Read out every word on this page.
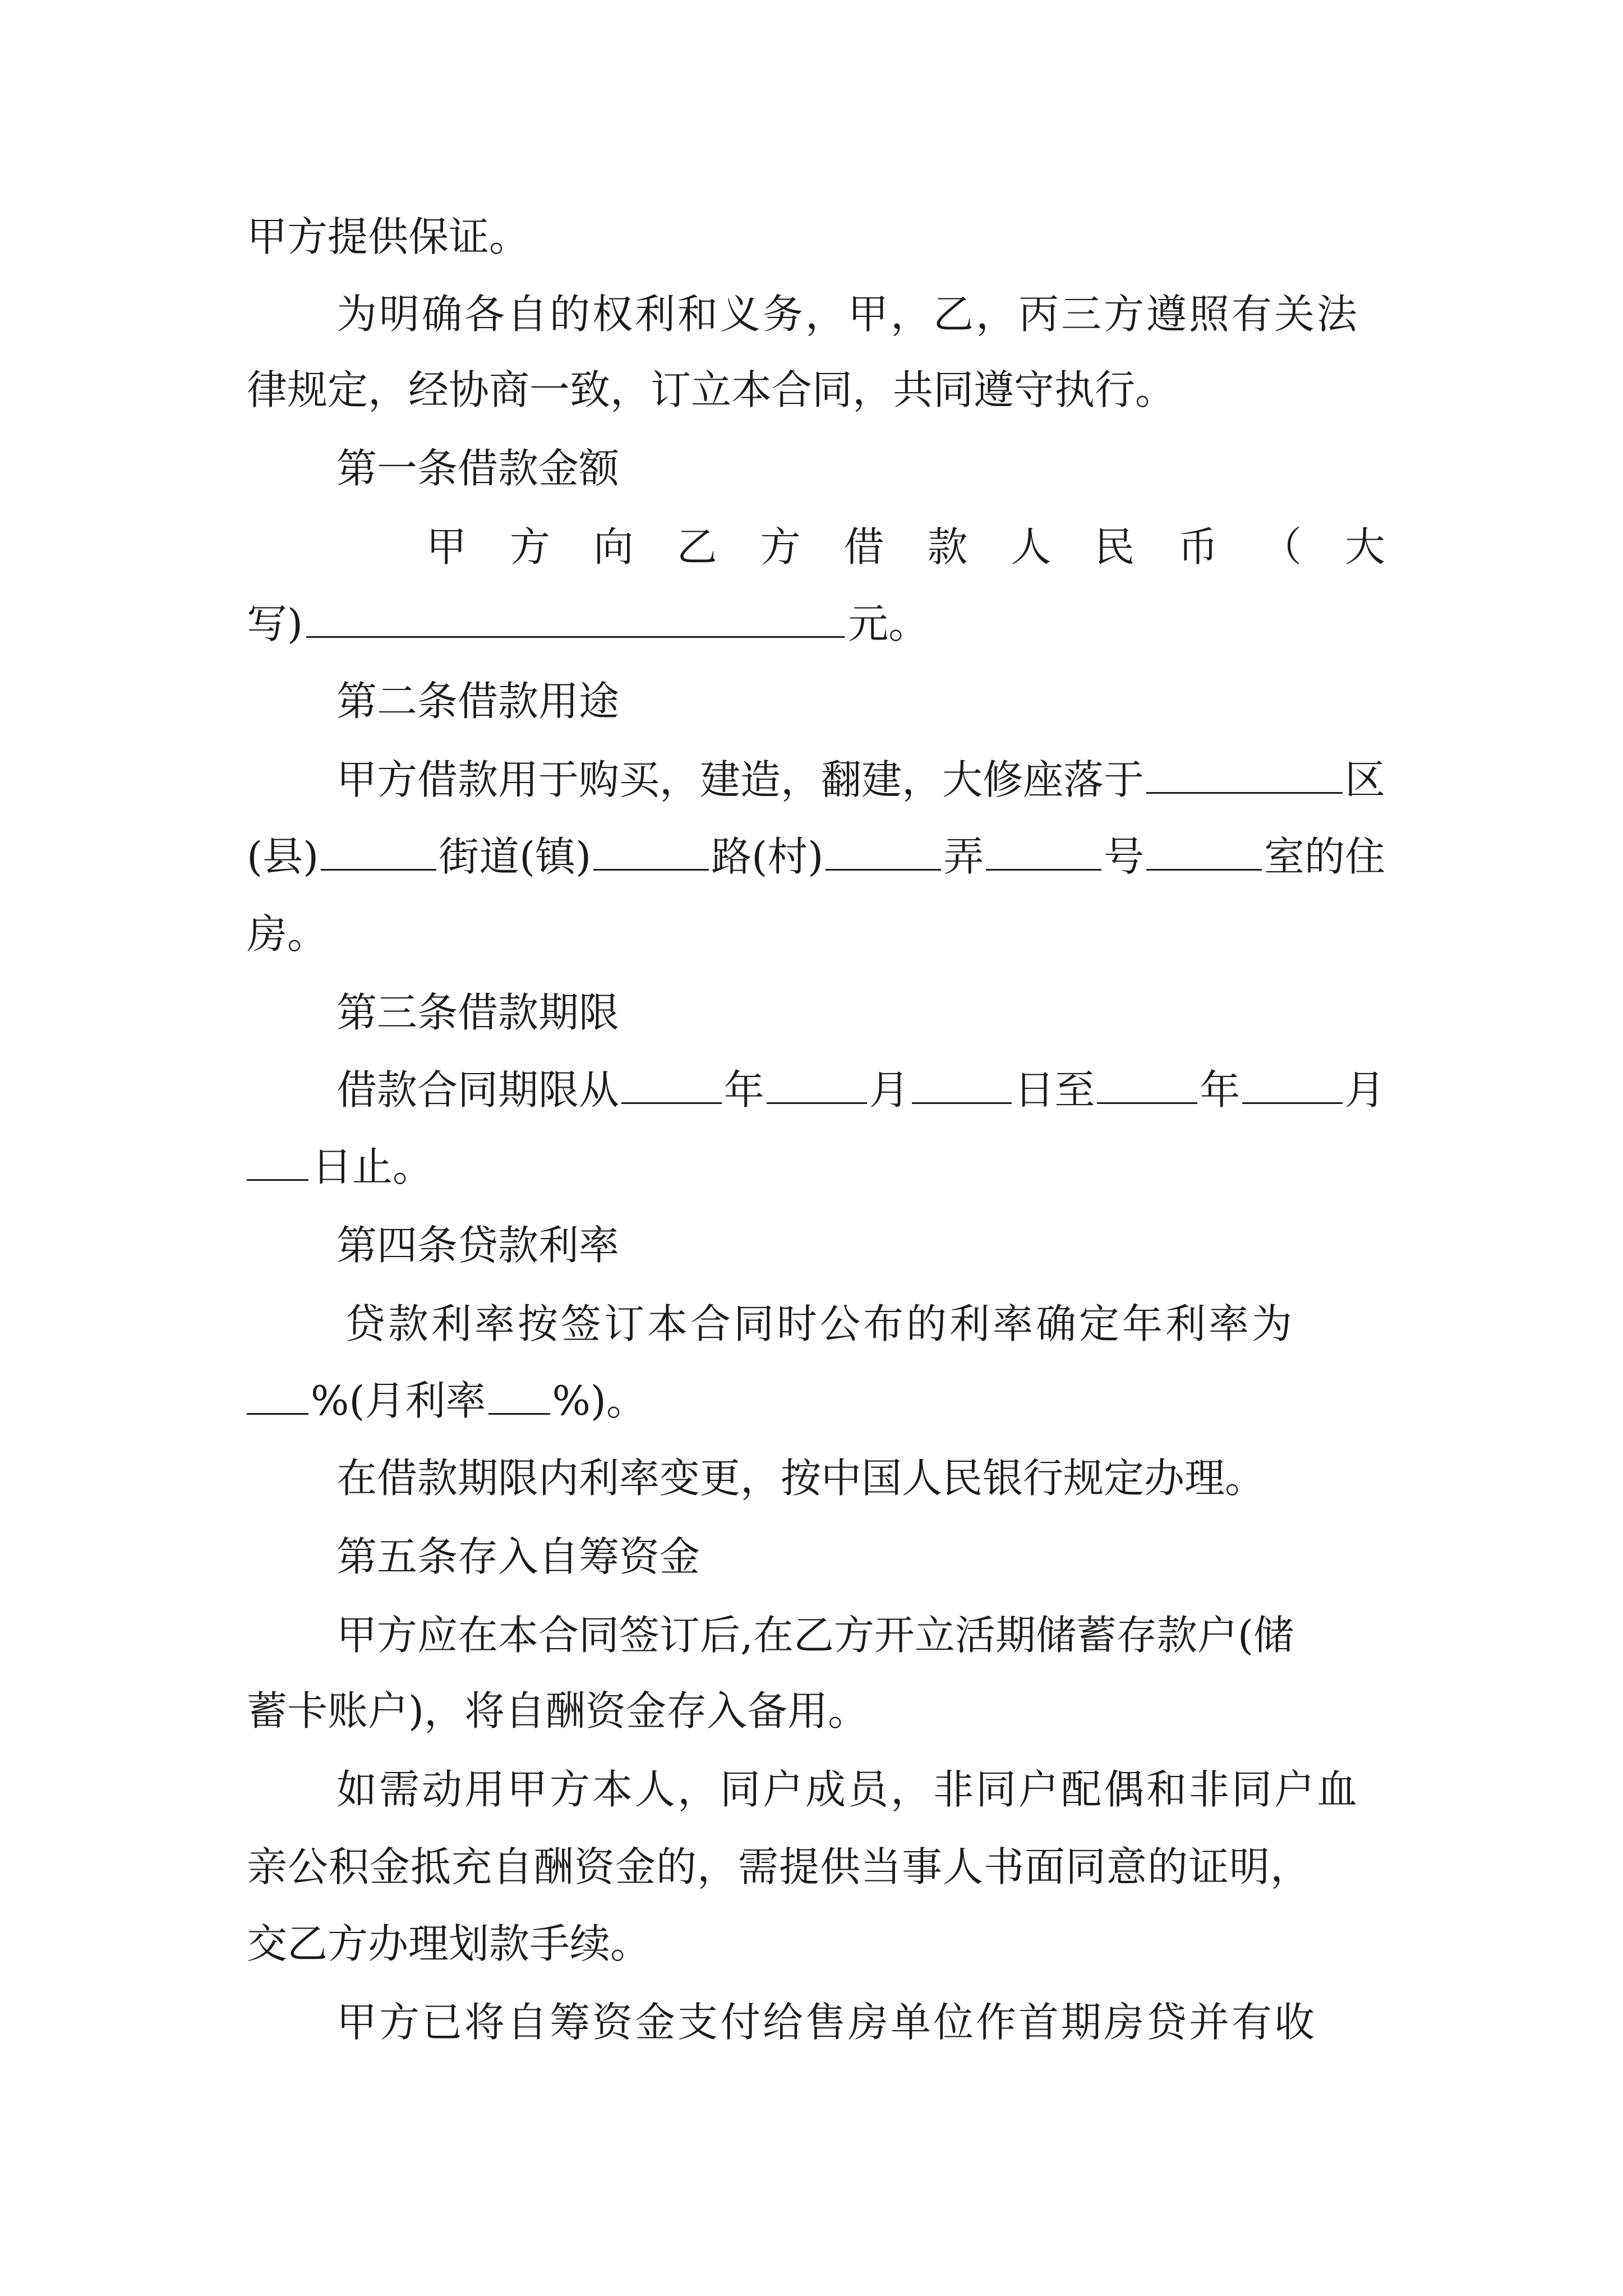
甲方提供保证。
为明确各自的权利和义务，甲，乙，丙三方遵照有关法
律规定，经协商一致，订立本合同，共同遵守执行。
第一条借款金额
甲 方 向 乙 方 借 款 人 民 币 （ 大
写)	元。
第二条借款用途
甲方借款用于购买，建造，翻建，大修座落于	区
(县)	街道(镇)	路(村)	弄	号	室的住
房。
第三条借款期限
借款合同期限从	年	月	日至	年	月
日止。
第四条贷款利率
贷款利率按签订本合同时公布的利率确定年利率为
%(月利率 %)。
在借款期限内利率变更，按中国人民银行规定办理。
第五条存入自筹资金
甲方应在本合同签订后,在乙方开立活期储蓄存款户(储
蓄卡账户)，将自酬资金存入备用。
如需动用甲方本人，同户成员，非同户配偶和非同户血
亲公积金抵充自酬资金的，需提供当事人书面同意的证明，
交乙方办理划款手续。
甲方已将自筹资金支付给售房单位作首期房贷并有收
